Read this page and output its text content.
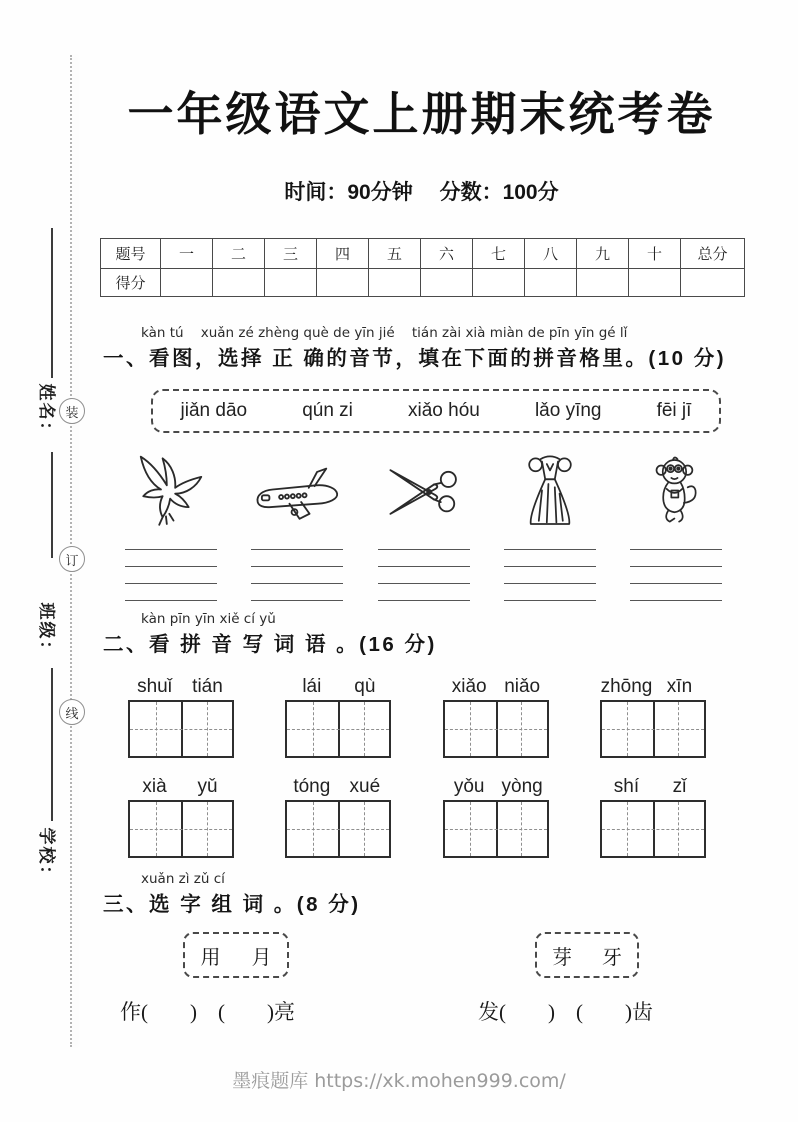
装
订
线
姓名：
班级：
学校：
一年级语文上册期末统考卷
时间：90分钟　 分数：100分
题号	一	二	三	四	五	六	七	八	九	十	总分
得分											
kàn tú    xuǎn zé zhèng què de yīn jié    tián zài xià miàn de pīn yīn gé lǐ
一、看图，选择 正 确的音节，填在下面的拼音格里。(10 分)
jiǎn dāo	qún zi	xiǎo hóu	lǎo yīng	fēi jī
kàn pīn yīn xiě cí yǔ
二、看 拼 音 写 词 语 。(16 分)
shuǐ	tián	lái	qù	xiǎo niǎo	zhōng xīn
xià	yǔ	tóng	xué	yǒu yòng	shí	zǐ
xuǎn zì zǔ cí
三、选 字 组 词 。(8 分)
用 月	芽 牙
作(　　)　(　　)亮	发(　　)　(　　)齿
墨痕题库 https://xk.mohen999.com/
